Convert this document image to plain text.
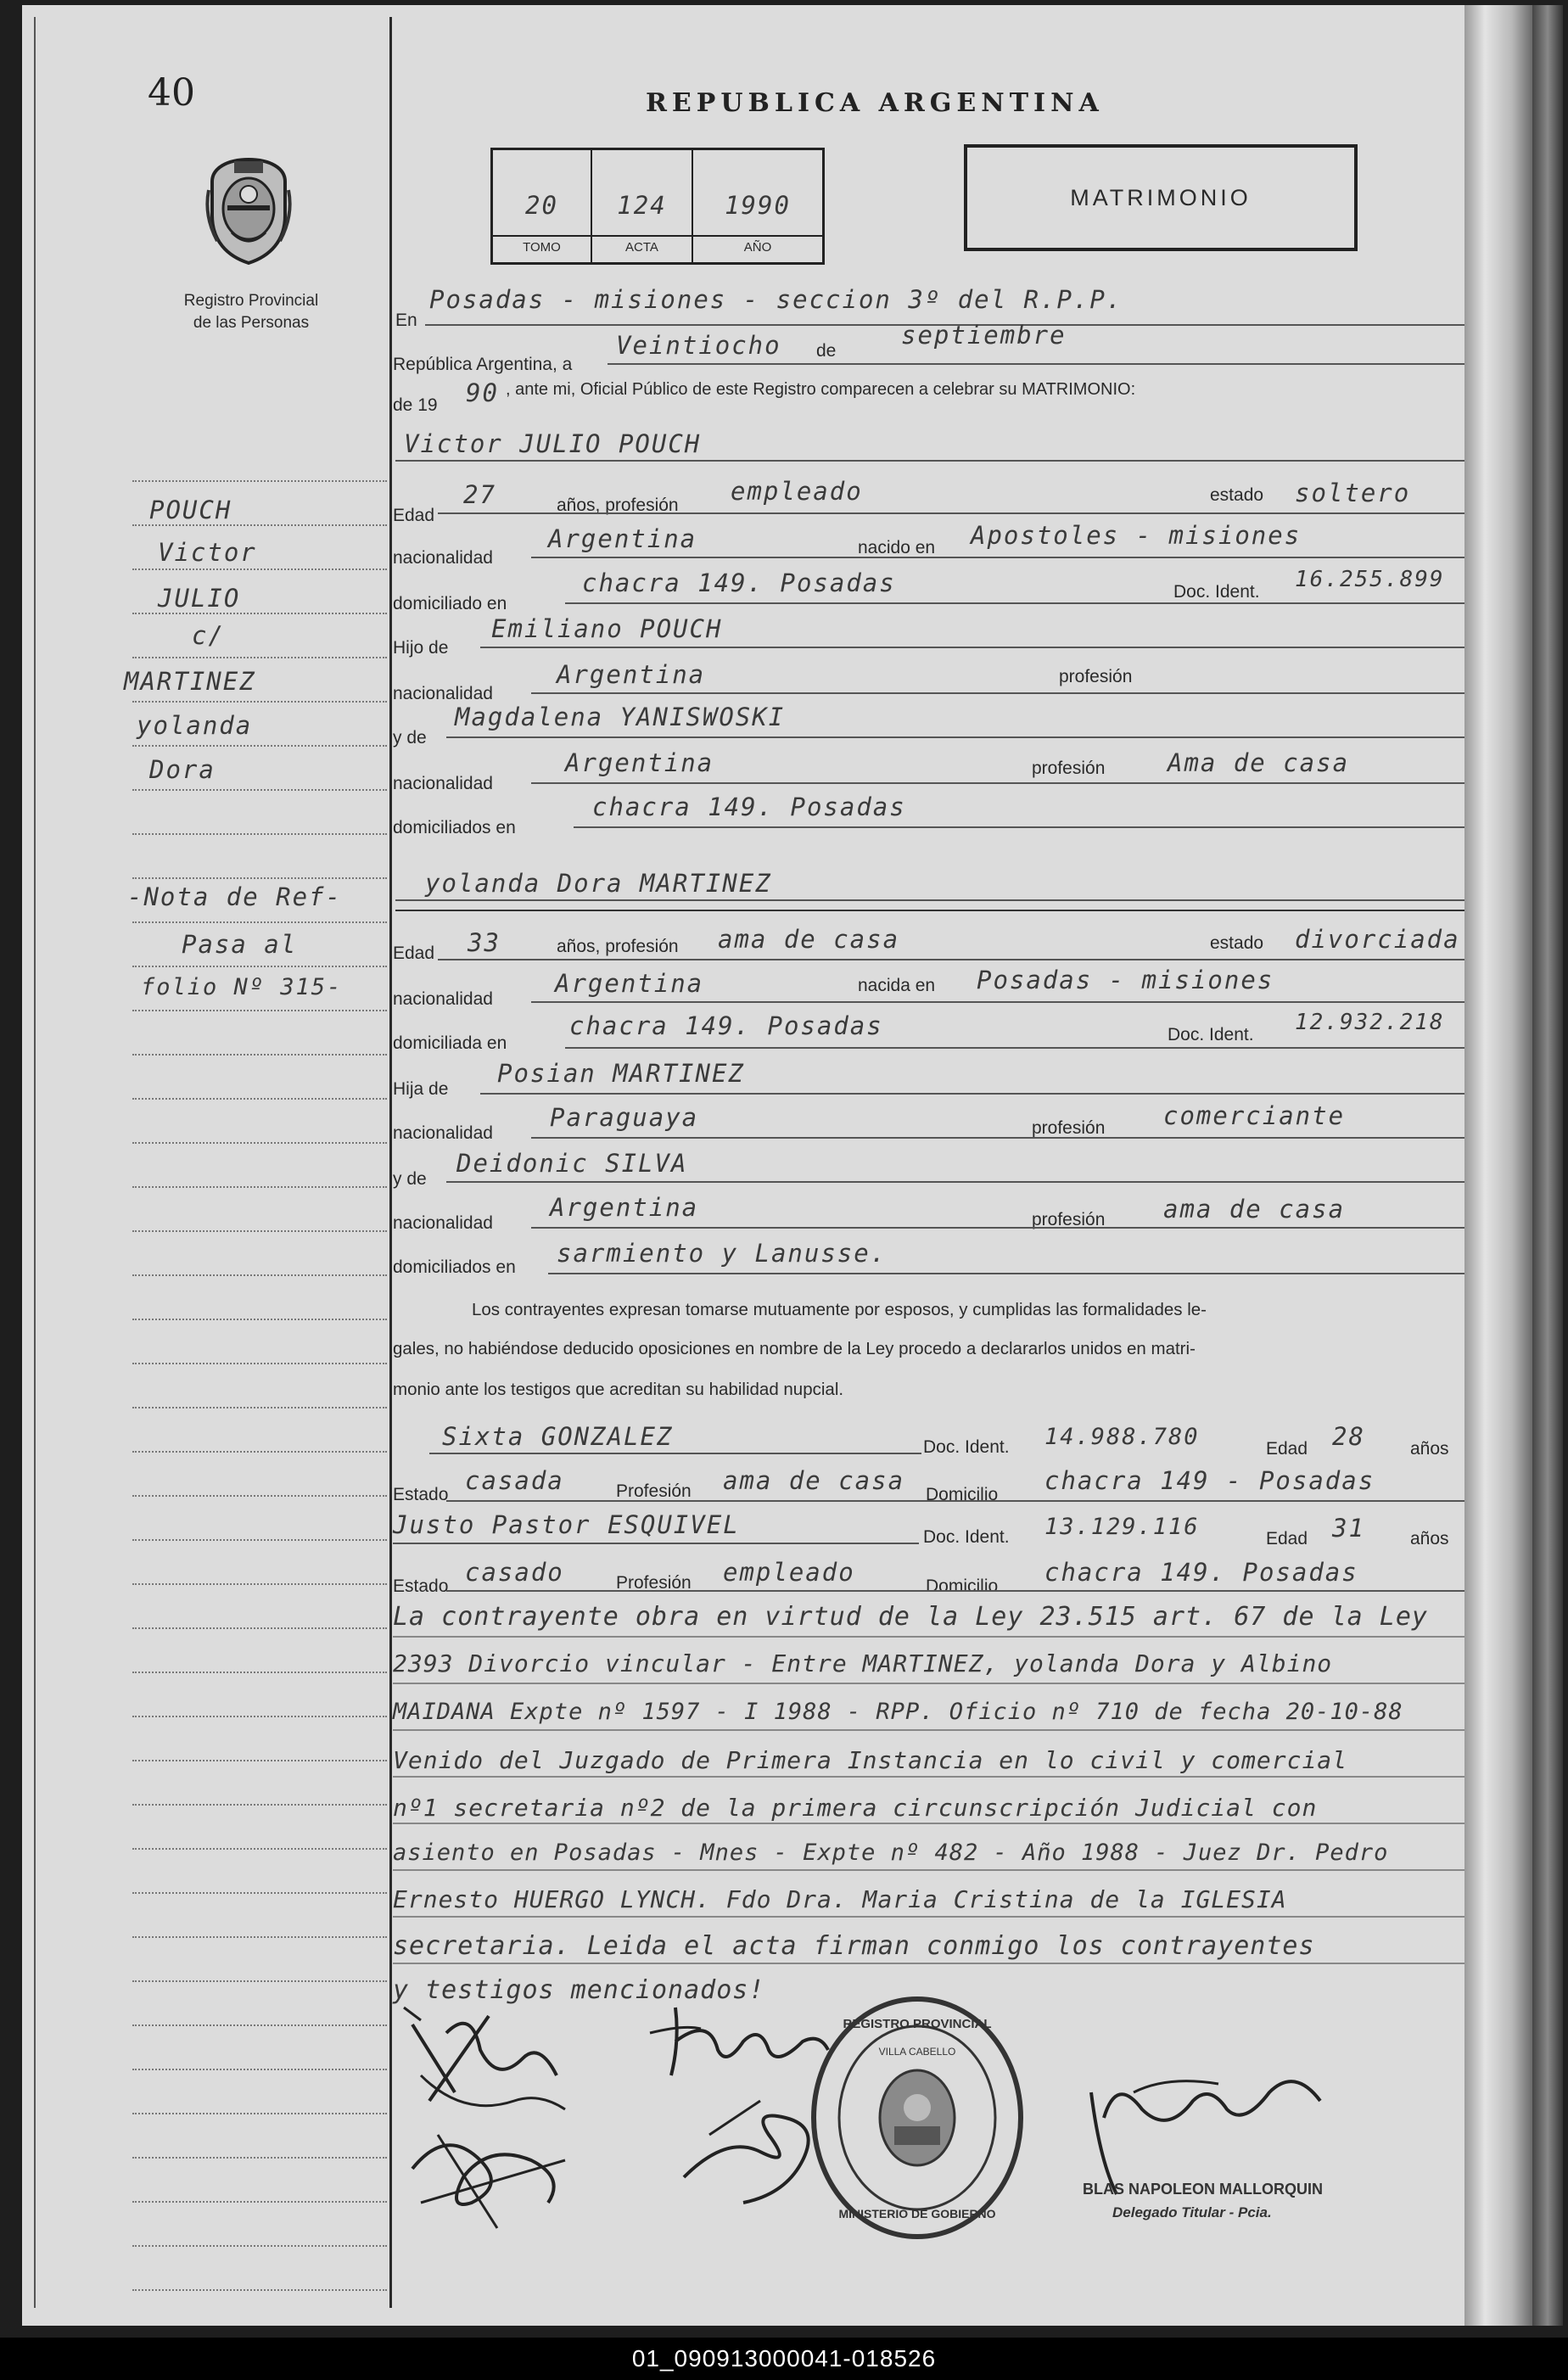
40
Registro Provincial
de las Personas
REPUBLICA ARGENTINA
20	124	1990
TOMO	ACTA	AÑO
MATRIMONIO
En
Posadas - misiones - seccion 3º del R.P.P.
República Argentina, a
Veintiocho de
septiembre
de 19 90 , ante mi, Oficial Público de este Registro comparecen a celebrar su MATRIMONIO:
Victor JULIO POUCH
Edad
27	años, profesión empleado	estado soltero
nacionalidad
Argentina	nacido en Apostoles - misiones
domiciliado en
chacra 149. Posadas	Doc. Ident. 16.255.899
Hijo de
Emiliano POUCH
nacionalidad
Argentina	profesión
y de
Magdalena YANISWOSKI
nacionalidad
Argentina	profesión	Ama de casa
domiciliados en
chacra 149. Posadas
yolanda Dora MARTINEZ
Edad 33	años, profesión ama de casa	estado divorciada
nacionalidad
Argentina	nacida en Posadas - misiones
domiciliada en
chacra 149. Posadas	Doc. Ident. 12.932.218
Hija de
Posian MARTINEZ
nacionalidad
Paraguaya	profesión comerciante
y de
Deidonic SILVA
nacionalidad
Argentina	profesión ama de casa
domiciliados en sarmiento y Lanusse.
Los contrayentes expresan tomarse mutuamente por esposos, y cumplidas las formalidades le-
gales, no habiéndose deducido oposiciones en nombre de la Ley procedo a declararlos unidos en matri-
monio ante los testigos que acreditan su habilidad nupcial.
Sixta GONZALEZ	Doc. Ident. 14.988.780	Edad 28	años
Estado casada	Profesión ama de casa Domicilio chacra 149 - Posadas
Justo Pastor ESQUIVEL	Doc. Ident. 13.129.116	Edad 31	años
Estado casado	Profesión empleado	Domicilio chacra 149. Posadas
La contrayente obra en virtud de la Ley 23.515 art. 67 de la Ley
2393 Divorcio vincular - Entre MARTINEZ, yolanda Dora y Albino
MAIDANA Expte nº 1597 - I 1988 - RPP. Oficio nº 710 de fecha 20-10-88
Venido del Juzgado de Primera Instancia en lo civil y comercial
nº1 secretaria nº2 de la primera circunscripción Judicial con
asiento en Posadas - Mnes - Expte nº 482 - Año 1988 - Juez Dr. Pedro
Ernesto HUERGO LYNCH. Fdo Dra. Maria Cristina de la IGLESIA
secretaria. Leida el acta firman conmigo los contrayentes
y testigos mencionados!
POUCH
Victor
JULIO
c/
MARTINEZ
yolanda
Dora
-Nota de Ref-
Pasa al
folio Nº 315-
REGISTRO PROVINCIAL
MINISTERIO DE GOBIERNO
VILLA CABELLO
BLAS NAPOLEON MALLORQUIN
Delegado Titular - Pcia.
01_090913000041-018526
